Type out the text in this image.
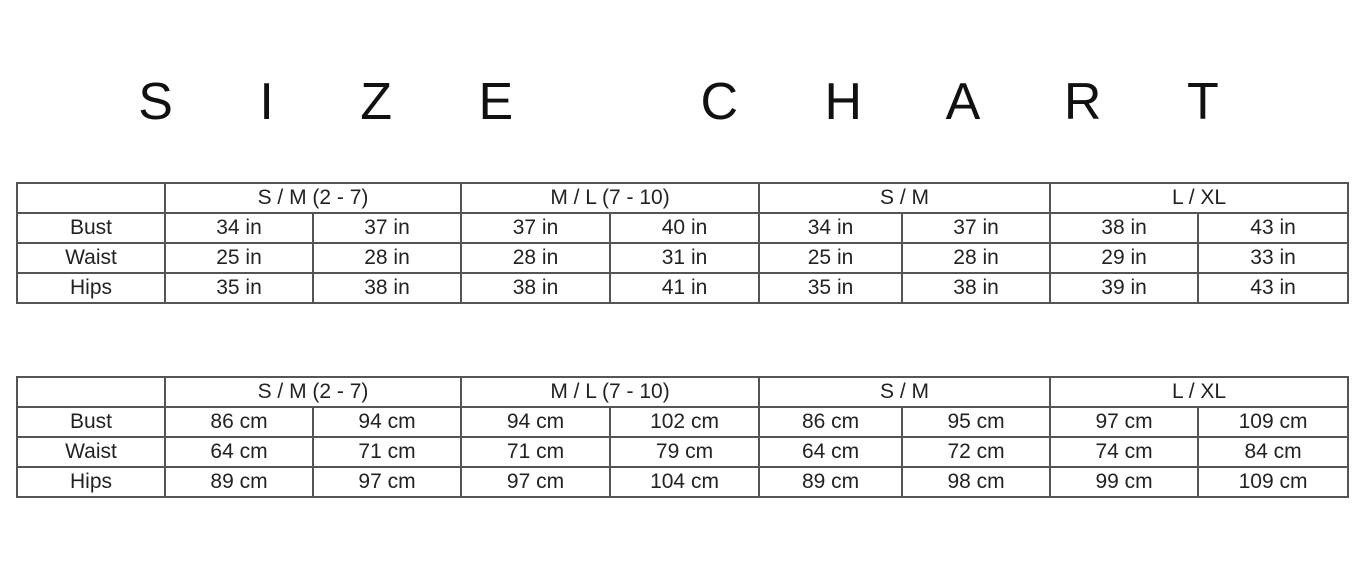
S I Z E   C H A R T
	S / M (2 - 7)		M / L (7 - 10)		S / M		L / XL	
Bust	34 in	37 in	37 in	40 in	34 in	37 in	38 in	43 in
Waist	25 in	28 in	28 in	31 in	25 in	28 in	29 in	33 in
Hips	35 in	38 in	38 in	41 in	35 in	38 in	39 in	43 in
	S / M (2 - 7)		M / L (7 - 10)		S / M		L / XL	
Bust	86 cm	94 cm	94 cm	102 cm	86 cm	95 cm	97 cm	109 cm
Waist	64 cm	71 cm	71 cm	79 cm	64 cm	72 cm	74 cm	84 cm
Hips	89 cm	97 cm	97 cm	104 cm	89 cm	98 cm	99 cm	109 cm
